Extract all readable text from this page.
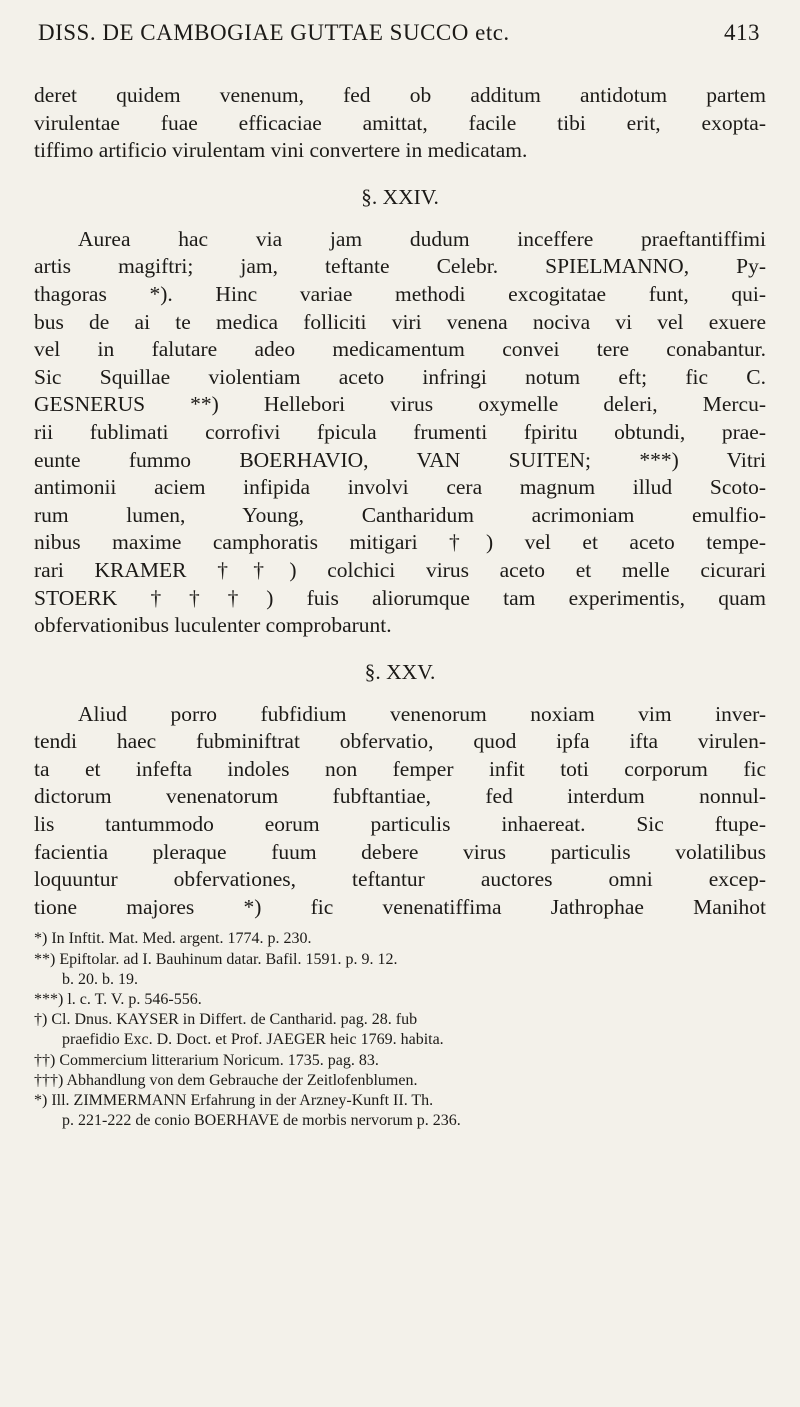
DISS. DE CAMBOGIAE GUTTAE SUCCO etc.	413

deret quidem venenum, fed ob additum antidotum partem
virulentae fuae efficaciae amittat, facile tibi erit, exopta-
tiffimo artificio virulentam vini convertere in medicatam.

§. XXIV.

Aurea hac via jam dudum inceffere praeftantiffimi
artis magiftri; jam, teftante Celebr. SPIELMANNO, Py-
thagoras *). Hinc variae methodi excogitatae funt, qui-
bus de ai te medica folliciti viri venena nociva vi vel exuere
vel in falutare adeo medicamentum convei tere conabantur.
Sic Squillae violentiam aceto infringi notum eft; fic C.
GESNERUS **) Hellebori virus oxymelle deleri, Mercu-
rii fublimati corrofivi fpicula frumenti fpiritu obtundi, prae-
eunte fummo BOERHAVIO, VAN SUITEN; ***) Vitri
antimonii aciem infipida involvi cera magnum illud Scoto-
rum lumen, Young, Cantharidum acrimoniam emulfio-
nibus maxime camphoratis mitigari †) vel et aceto tempe-
rari KRAMER ††) colchici virus aceto et melle cicurari
STOERK †††) fuis aliorumque tam experimentis, quam
obfervationibus luculenter comprobarunt.

§. XXV.

Aliud porro fubfidium venenorum noxiam vim inver-
tendi haec fubminiftrat obfervatio, quod ipfa ifta virulen-
ta et infefta indoles non femper infit toti corporum fic
dictorum venenatorum fubftantiae, fed interdum nonnul-
lis tantummodo eorum particulis inhaereat. Sic ftupe-
facientia pleraque fuum debere virus particulis volatilibus
loquuntur obfervationes, teftantur auctores omni excep-
tione majores *) fic venenatiffima Jathrophae Manihot

*) In Inftit. Mat. Med. argent. 1774. p. 230.
**) Epiftolar. ad I. Bauhinum datar. Bafil. 1591. p. 9. 12.
b. 20. b. 19.
***) l. c. T. V. p. 546-556.
†) Cl. Dnus. KAYSER in Differt. de Cantharid. pag. 28. fub
praefidio Exc. D. Doct. et Prof. JAEGER heic 1769. habita.
††) Commercium litterarium Noricum. 1735. pag. 83.
†††) Abhandlung von dem Gebrauche der Zeitlofenblumen.
*) Ill. ZIMMERMANN Erfahrung in der Arzney-Kunft II. Th.
p. 221-222 de conio BOERHAVE de morbis nervorum p. 236.
